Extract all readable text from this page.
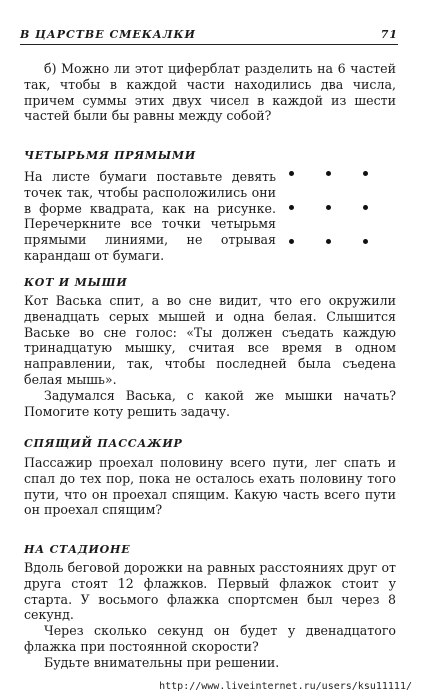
В ЦАРСТВЕ СМЕКАЛКИ	71

б) Можно ли этот циферблат разделить на 6 частей так, чтобы в каждой части находились два числа, причем суммы этих двух чисел в каждой из шести частей были бы равны между собой?

ЧЕТЫРЬМЯ ПРЯМЫМИ

На листе бумаги поставьте девять точек так, чтобы расположились они в форме квадрата, как на рисунке. Перечеркните все точки четырьмя прямыми линиями, не отрывая карандаш от бумаги.

КОТ И МЫШИ

Кот Васька спит, а во сне видит, что его окружили двенадцать серых мышей и одна белая. Слышится Ваське во сне голос: «Ты должен съедать каждую тринадцатую мышку, считая все время в одном направлении, так, чтобы последней была съедена белая мышь».

Задумался Васька, с какой же мышки начать? Помогите коту решить задачу.

СПЯЩИЙ ПАССАЖИР

Пассажир проехал половину всего пути, лег спать и спал до тех пор, пока не осталось ехать половину того пути, что он проехал спящим. Какую часть всего пути он проехал спящим?

НА СТАДИОНЕ

Вдоль беговой дорожки на равных расстояниях друг от друга стоят 12 флажков. Первый флажок стоит у старта. У восьмого флажка спортсмен был через 8 секунд.

Через сколько секунд он будет у двенадцатого флажка при постоянной скорости?

Будьте внимательны при решении.

http://www.liveinternet.ru/users/ksu11111/
